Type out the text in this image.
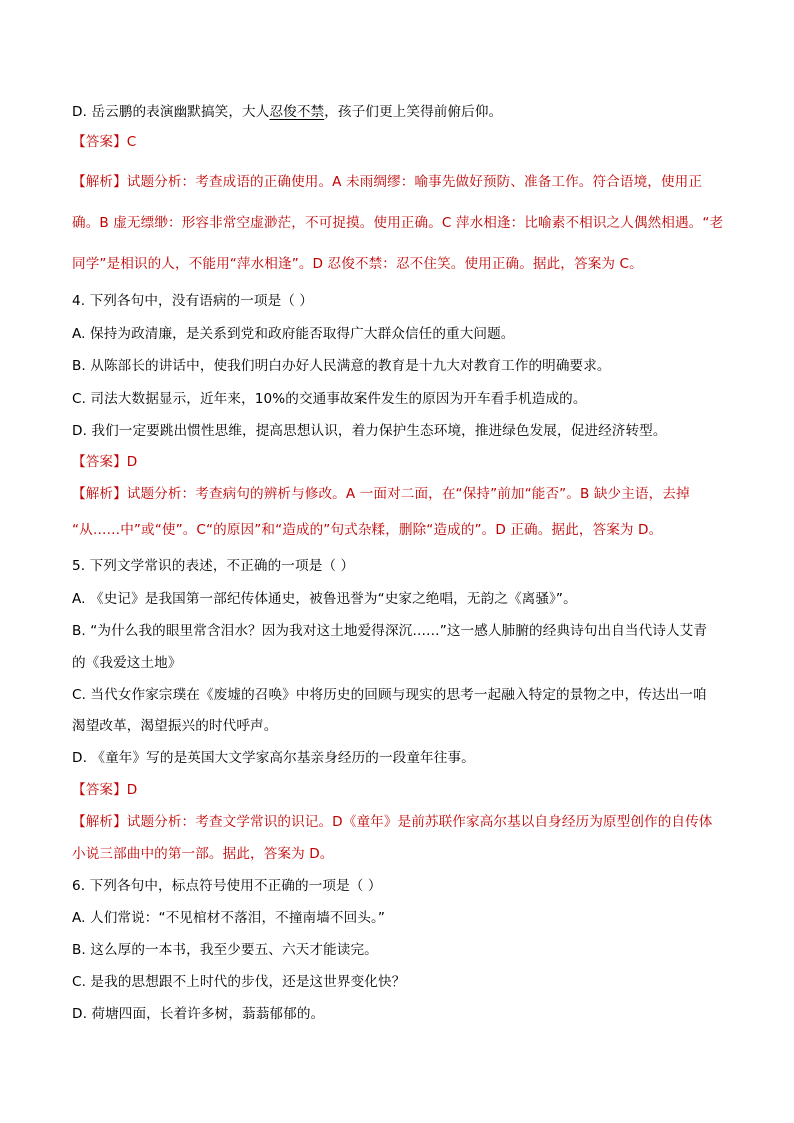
D. 岳云鹏的表演幽默搞笑，大人忍俊不禁，孩子们更上笑得前俯后仰。
【答案】C
【解析】试题分析：考查成语的正确使用。A 未雨绸缪：喻事先做好预防、准备工作。符合语境，使用正
确。B 虚无缥缈：形容非常空虚渺茫，不可捉摸。使用正确。C 萍水相逢：比喻素不相识之人偶然相遇。“老
同学”是相识的人，不能用“萍水相逢”。D 忍俊不禁：忍不住笑。使用正确。据此，答案为 C。
4. 下列各句中，没有语病的一项是（ ）
A. 保持为政清廉，是关系到党和政府能否取得广大群众信任的重大问题。
B. 从陈部长的讲话中，使我们明白办好人民满意的教育是十九大对教育工作的明确要求。
C. 司法大数据显示，近年来，10%的交通事故案件发生的原因为开车看手机造成的。
D. 我们一定要跳出惯性思维，提高思想认识，着力保护生态环境，推进绿色发展，促进经济转型。
【答案】D
【解析】试题分析：考查病句的辨析与修改。A 一面对二面，在“保持”前加“能否”。B 缺少主语，去掉
“从……中”或“使”。C“的原因”和“造成的”句式杂糅，删除“造成的”。D 正确。据此，答案为 D。
5. 下列文学常识的表述，不正确的一项是（ ）
A. 《史记》是我国第一部纪传体通史，被鲁迅誉为“史家之绝唱，无韵之《离骚》”。
B. “为什么我的眼里常含泪水？因为我对这土地爱得深沉……”这一感人肺腑的经典诗句出自当代诗人艾青
的《我爱这土地》
C. 当代女作家宗璞在《废墟的召唤》中将历史的回顾与现实的思考一起融入特定的景物之中，传达出一咱
渴望改革，渴望振兴的时代呼声。
D. 《童年》写的是英国大文学家高尔基亲身经历的一段童年往事。
【答案】D
【解析】试题分析：考查文学常识的识记。D《童年》是前苏联作家高尔基以自身经历为原型创作的自传体
小说三部曲中的第一部。据此，答案为 D。
6. 下列各句中，标点符号使用不正确的一项是（ ）
A. 人们常说：“不见棺材不落泪，不撞南墙不回头。”
B. 这么厚的一本书，我至少要五、六天才能读完。
C. 是我的思想跟不上时代的步伐，还是这世界变化快？
D. 荷塘四面，长着许多树，蓊蓊郁郁的。
